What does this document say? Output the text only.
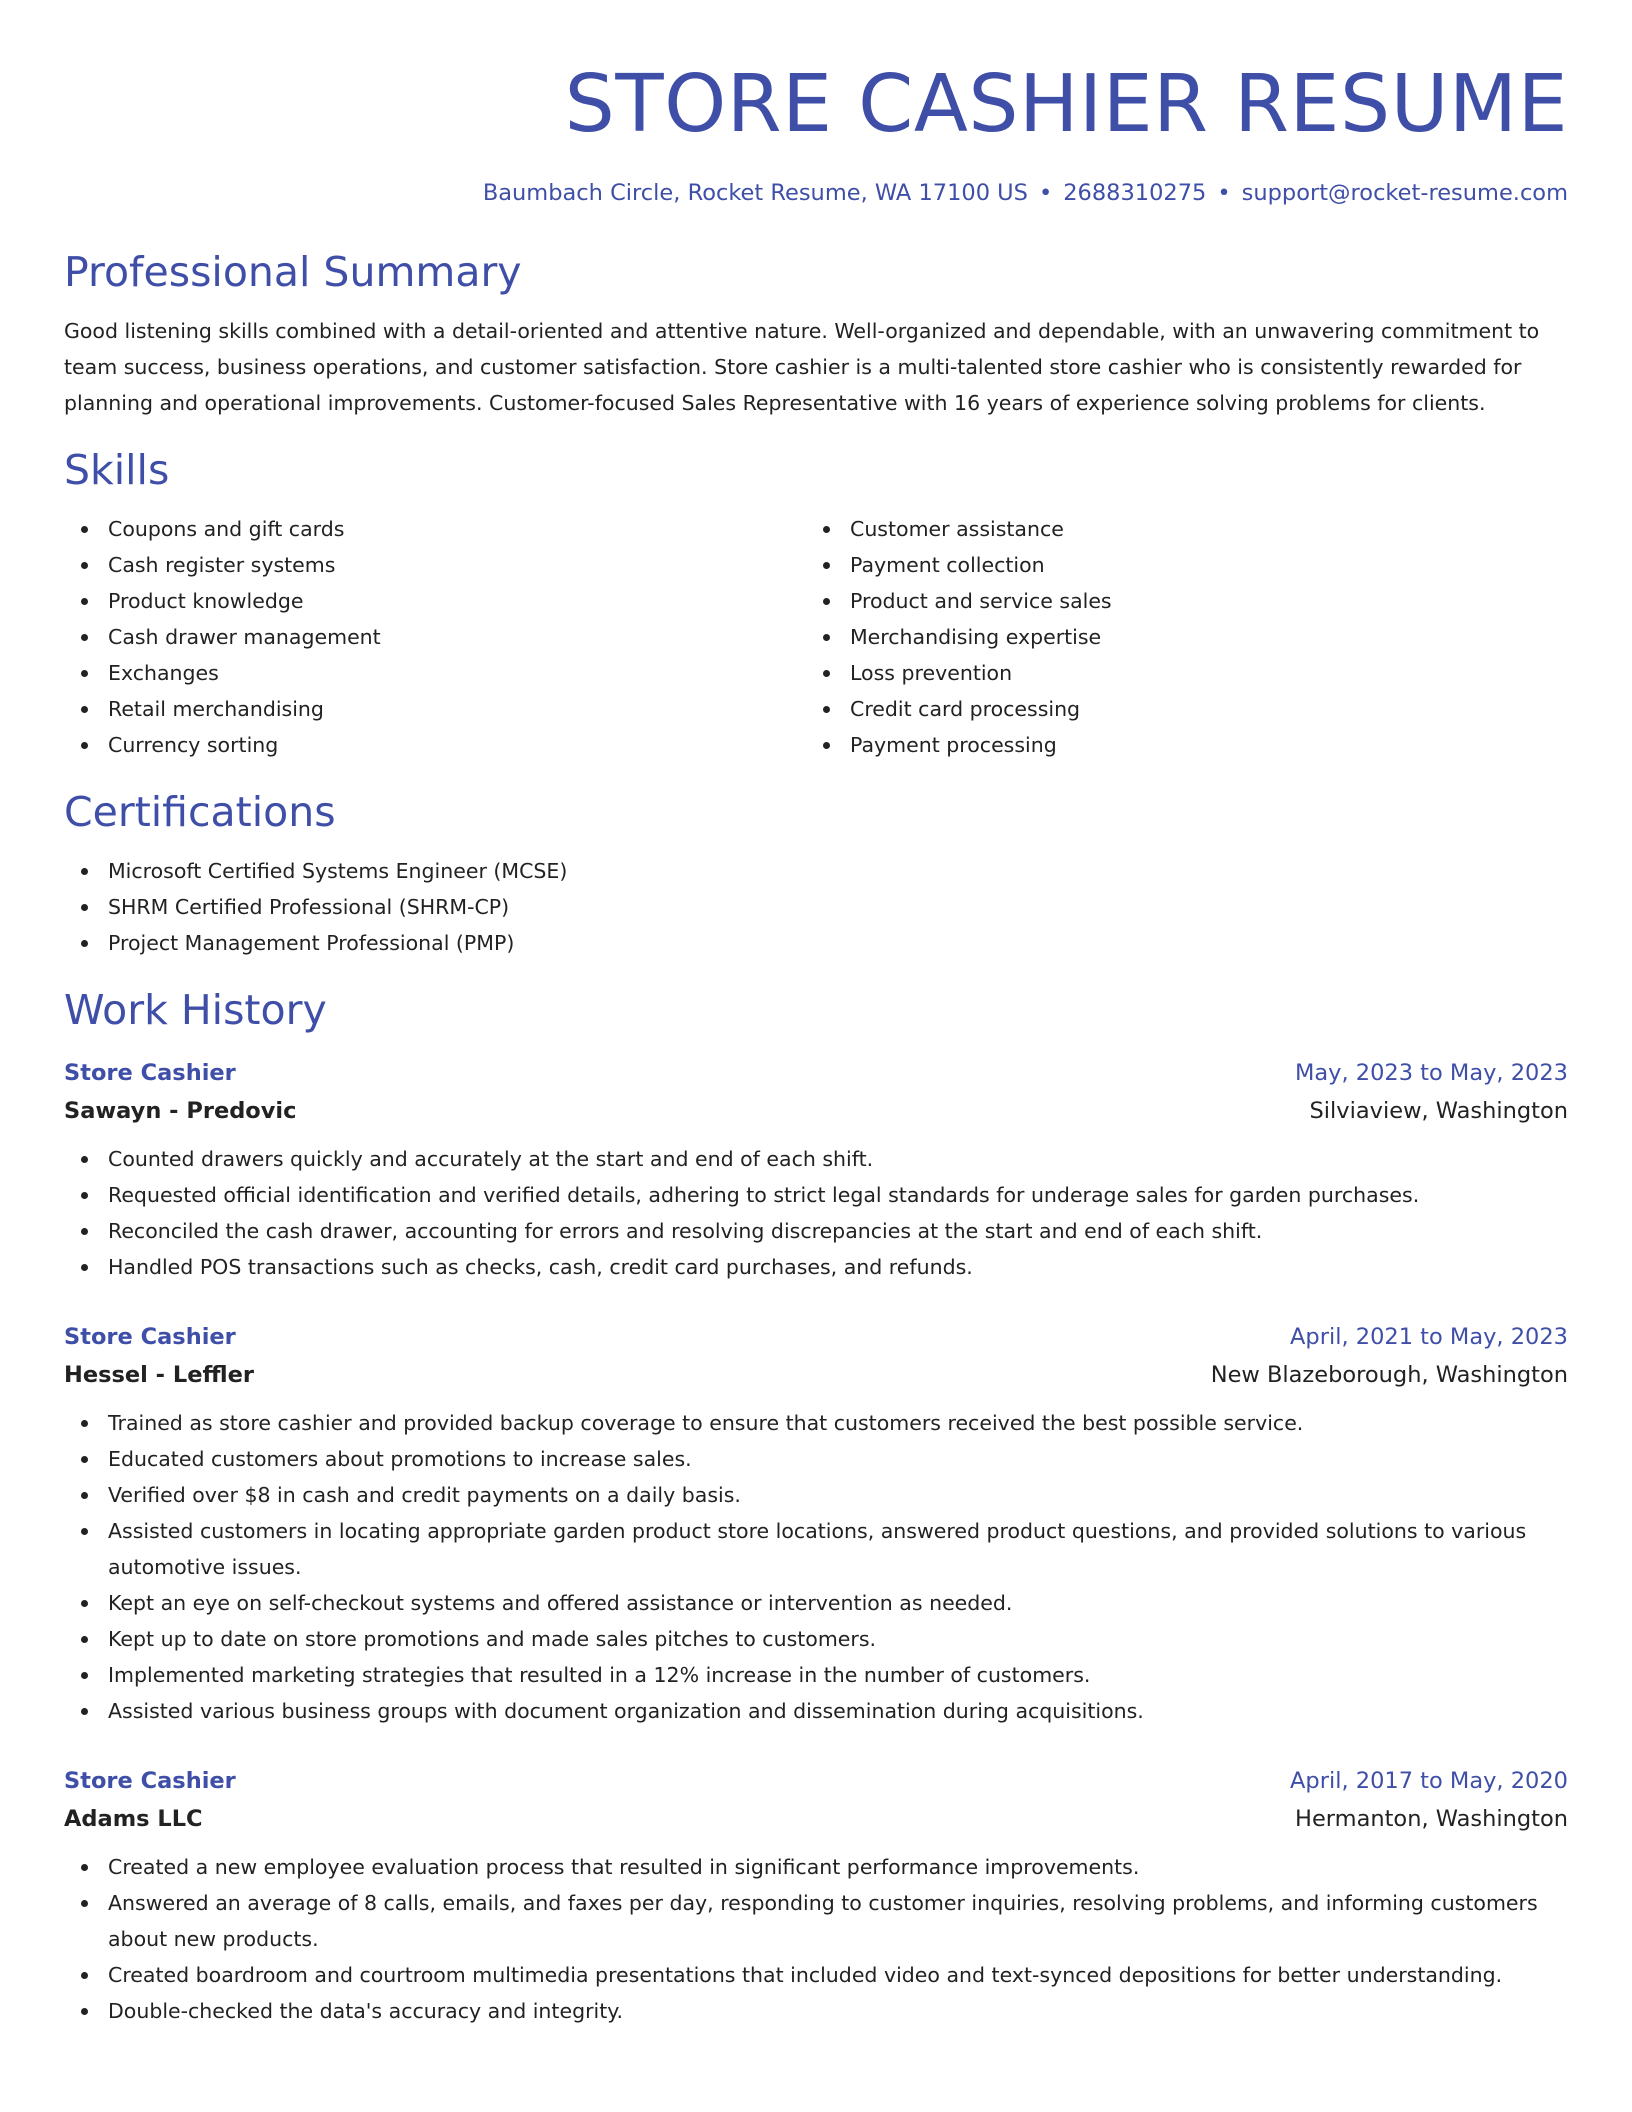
STORE CASHIER RESUME
Baumbach Circle, Rocket Resume, WA 17100 US • 2688310275 • support@rocket-resume.com
Professional Summary

Good listening skills combined with a detail-oriented and attentive nature. Well-organized and dependable, with an unwavering commitment to team success, business operations, and customer satisfaction. Store cashier is a multi-talented store cashier who is consistently rewarded for planning and operational improvements. Customer-focused Sales Representative with 16 years of experience solving problems for clients.

Skills
Coupons and gift cards
Cash register systems
Product knowledge
Cash drawer management
Exchanges
Retail merchandising
Currency sorting
Customer assistance
Payment collection
Product and service sales
Merchandising expertise
Loss prevention
Credit card processing
Payment processing
Certifications
Microsoft Certified Systems Engineer (MCSE)
SHRM Certified Professional (SHRM-CP)
Project Management Professional (PMP)
Work History
Store Cashier	May, 2023 to May, 2023
Sawayn - Predovic	Silviaview, Washington
Counted drawers quickly and accurately at the start and end of each shift.
Requested official identification and verified details, adhering to strict legal standards for underage sales for garden purchases.
Reconciled the cash drawer, accounting for errors and resolving discrepancies at the start and end of each shift.
Handled POS transactions such as checks, cash, credit card purchases, and refunds.
Store Cashier	April, 2021 to May, 2023
Hessel - Leffler	New Blazeborough, Washington
Trained as store cashier and provided backup coverage to ensure that customers received the best possible service.
Educated customers about promotions to increase sales.
Verified over $8 in cash and credit payments on a daily basis.
Assisted customers in locating appropriate garden product store locations, answered product questions, and provided solutions to various automotive issues.
Kept an eye on self-checkout systems and offered assistance or intervention as needed.
Kept up to date on store promotions and made sales pitches to customers.
Implemented marketing strategies that resulted in a 12% increase in the number of customers.
Assisted various business groups with document organization and dissemination during acquisitions.
Store Cashier	April, 2017 to May, 2020
Adams LLC	Hermanton, Washington
Created a new employee evaluation process that resulted in significant performance improvements.
Answered an average of 8 calls, emails, and faxes per day, responding to customer inquiries, resolving problems, and informing customers about new products.
Created boardroom and courtroom multimedia presentations that included video and text-synced depositions for better understanding.
Double-checked the data's accuracy and integrity.
